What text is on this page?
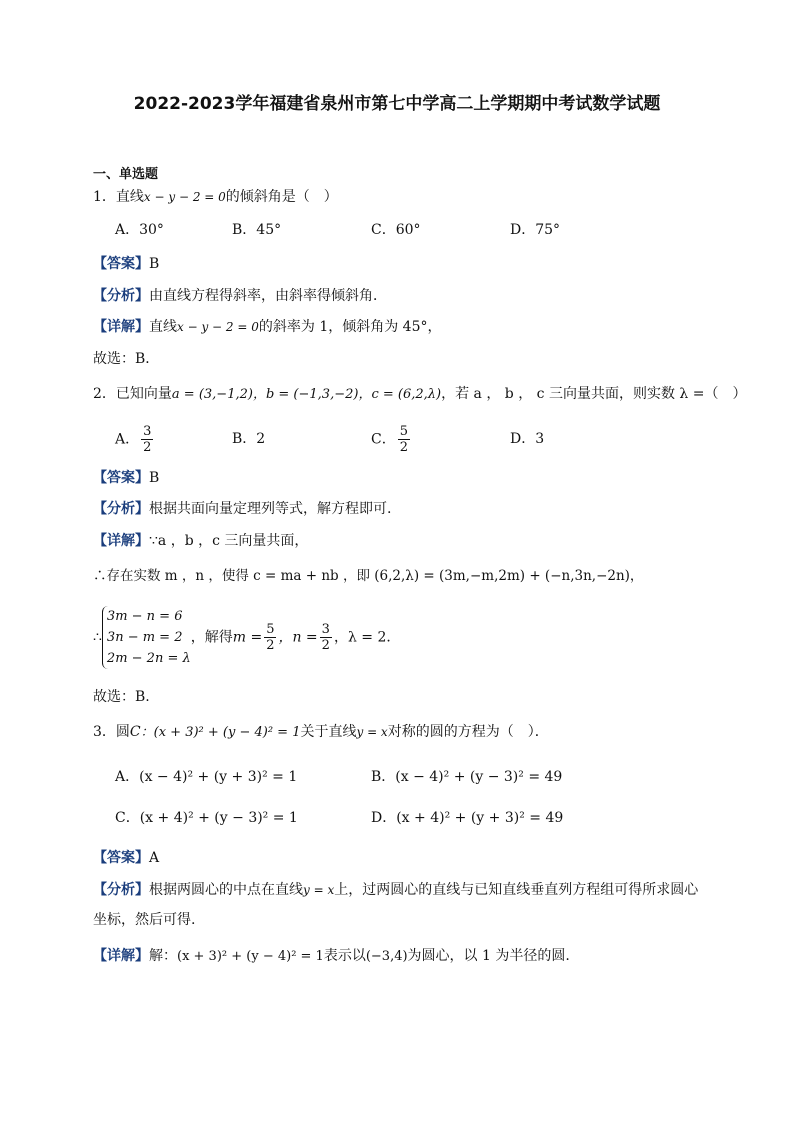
2022-2023学年福建省泉州市第七中学高二上学期期中考试数学试题
一、单选题
1．直线x − y − 2 = 0的倾斜角是（　）
A．30°	B．45°	C．60°	D．75°
【答案】B
【分析】由直线方程得斜率，由斜率得倾斜角．
【详解】直线x − y − 2 = 0的斜率为 1，倾斜角为 45°，
故选：B．
2．已知向量a = (3,−1,2)，b = (−1,3,−2)，c = (6,2,λ)，若 a ， b ， c 三向量共面，则实数 λ =（　）
A． $\frac{3}{2}$	B．2	C． $\frac{5}{2}$	D．3
【答案】B
【分析】根据共面向量定理列等式，解方程即可.
【详解】∵a ，b ，c 三向量共面，
∴存在实数 m ，n ，使得 c = ma + nb ，即 (6,2,λ) = (3m,−m,2m) + (−n,3n,−2n)，
∴
3m − n = 6
3n − m = 2
2m − 2n = λ
，解得$m = \frac{5}{2}$ ，$n = \frac{3}{2}$ ，λ = 2．
故选：B.
3．圆C：(x + 3)² + (y − 4)² = 1关于直线y = x对称的圆的方程为（　）．
A．(x − 4)² + (y + 3)² = 1	B．(x − 4)² + (y − 3)² = 49
C．(x + 4)² + (y − 3)² = 1	D．(x + 4)² + (y + 3)² = 49
【答案】A
【分析】根据两圆心的中点在直线y = x上，过两圆心的直线与已知直线垂直列方程组可得所求圆心
坐标，然后可得.
【详解】解：(x + 3)² + (y − 4)² = 1表示以(−3,4)为圆心，以 1 为半径的圆.
